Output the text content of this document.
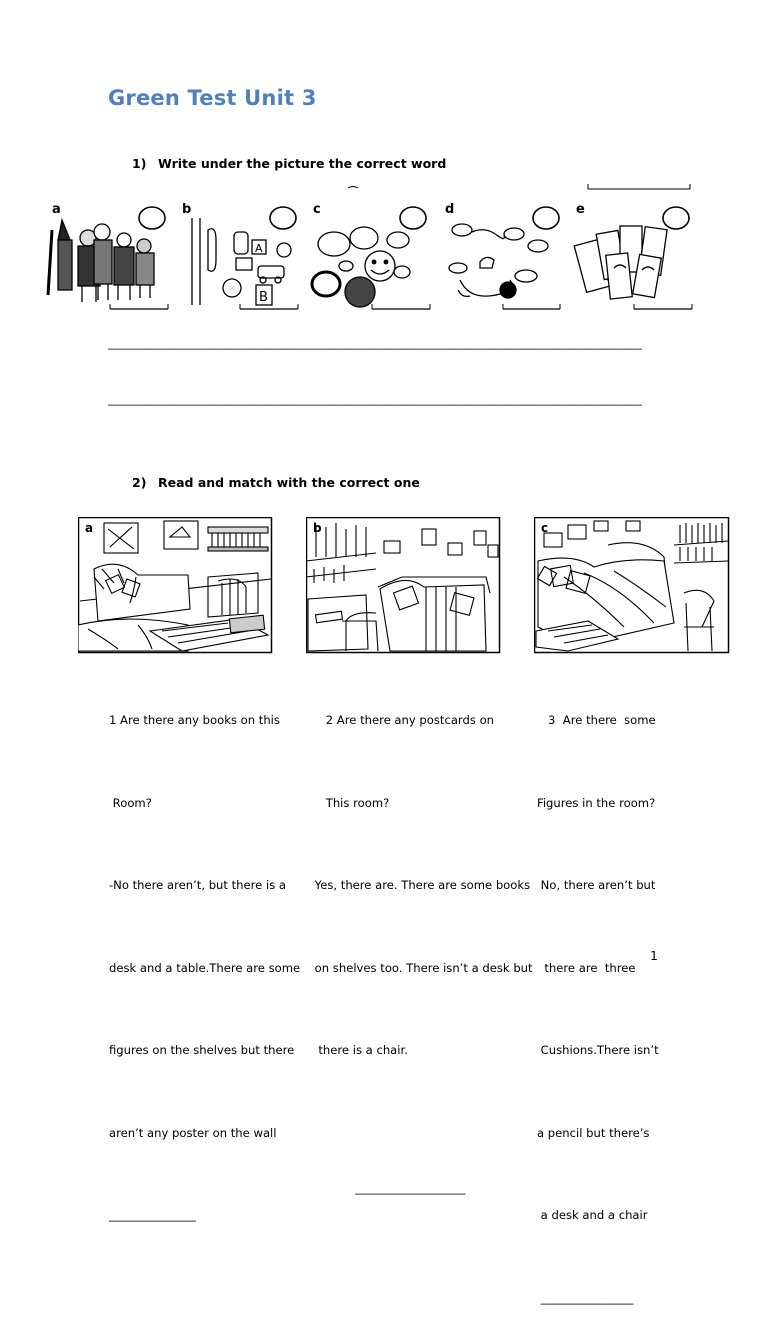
Green Test Unit 3
1) Write under the picture the correct word
a	b	c	d	e
A
B
________________________________________________________________________________
________________________________________________________________________________
2) Read and match with the correct one
a	b	c

1 Are there any books on this

Room?

-No there aren’t, but there is a

desk and a table.There are some

figures on the shelves but there

aren’t any poster on the wall

_______________

2 Are there any postcards on

This room?

Yes, there are. There are some books

on shelves too. There isn’t a desk but

there is a chair.

___________________

3  Are there  some

Figures in the room?

No, there aren’t but

there are  three

Cushions.There isn’t

a pencil but there’s

a desk and a chair

________________

1
